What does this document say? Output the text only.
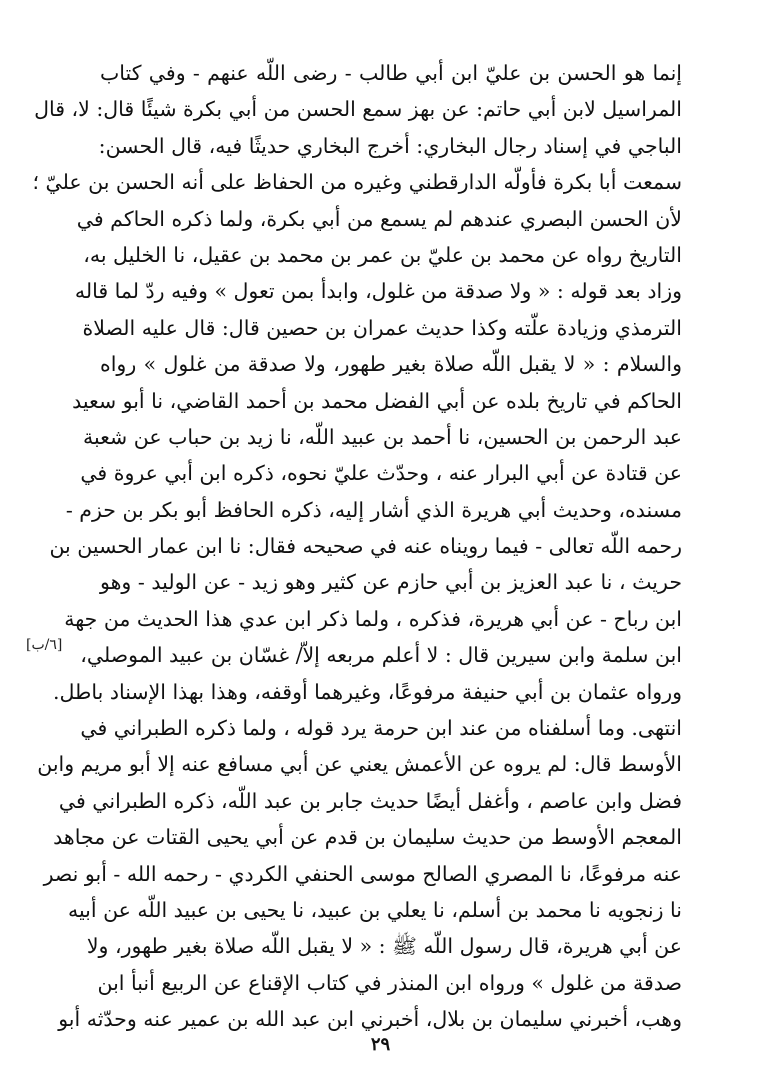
إنما هو الحسن بن عليّ ابن أبي طالب - رضى اللّه عنهم - وفي كتاب
المراسيل لابن أبي حاتم: عن بهز سمع الحسن من أبي بكرة شيئًا قال: لا، قال
الباجي في إسناد رجال البخاري: أخرج البخاري حديثًا فيه، قال الحسن:
سمعت أبا بكرة فأولّه الدارقطني وغيره من الحفاظ على أنه الحسن بن عليّ ؛
لأن الحسن البصري عندهم لم يسمع من أبي بكرة، ولما ذكره الحاكم في
التاريخ رواه عن محمد بن عليّ بن عمر بن محمد بن عقيل، نا الخليل به،
وزاد بعد قوله : « ولا صدقة من غلول، وابدأ بمن تعول » وفيه ردّ لما قاله
الترمذي وزيادة علّته وكذا حديث عمران بن حصين قال: قال عليه الصلاة
والسلام : « لا يقبل اللّه صلاة بغير طهور، ولا صدقة من غلول » رواه
الحاكم في تاريخ بلده عن أبي الفضل محمد بن أحمد القاضي، نا أبو سعيد
عبد الرحمن بن الحسين، نا أحمد بن عبيد اللّه، نا زيد بن حباب عن شعبة
عن قتادة عن أبي البرار عنه ، وحدّث عليّ نحوه، ذكره ابن أبي عروة في
مسنده، وحديث أبي هريرة الذي أشار إليه، ذكره الحافظ أبو بكر بن حزم -
رحمه اللّه تعالى - فيما رويناه عنه في صحيحه فقال: نا ابن عمار الحسين بن
حريث ، نا عبد العزيز بن أبي حازم عن كثير وهو زيد - عن الوليد - وهو
ابن رباح - عن أبي هريرة، فذكره ، ولما ذكر ابن عدي هذا الحديث من جهة
ابن سلمة وابن سيرين قال : لا أعلم مربعه إلاّ/ غسّان بن عبيد الموصلي،
ورواه عثمان بن أبي حنيفة مرفوعًا، وغيرهما أوقفه، وهذا بهذا الإسناد باطل.
انتهى. وما أسلفناه من عند ابن حرمة يرد قوله ، ولما ذكره الطبراني في
الأوسط قال: لم يروه عن الأعمش يعني عن أبي مسافع عنه إلا أبو مريم وابن
فضل وابن عاصم ، وأغفل أيضًا حديث جابر بن عبد اللّه، ذكره الطبراني في
المعجم الأوسط من حديث سليمان بن قدم عن أبي يحيى القتات عن مجاهد
عنه مرفوعًا، نا المصري الصالح موسى الحنفي الكردي - رحمه الله - أبو نصر
نا زنجويه نا محمد بن أسلم، نا يعلي بن عبيد، نا يحيى بن عبيد اللّه عن أبيه
عن أبي هريرة، قال رسول اللّه ﷺ : « لا يقبل اللّه صلاة بغير طهور، ولا
صدقة من غلول » ورواه ابن المنذر في كتاب الإقناع عن الربيع أنبأ ابن
وهب، أخبرني سليمان بن بلال، أخبرني ابن عبد الله بن عمير عنه وحدّثه أبو
[٦/ب]
٢٩
